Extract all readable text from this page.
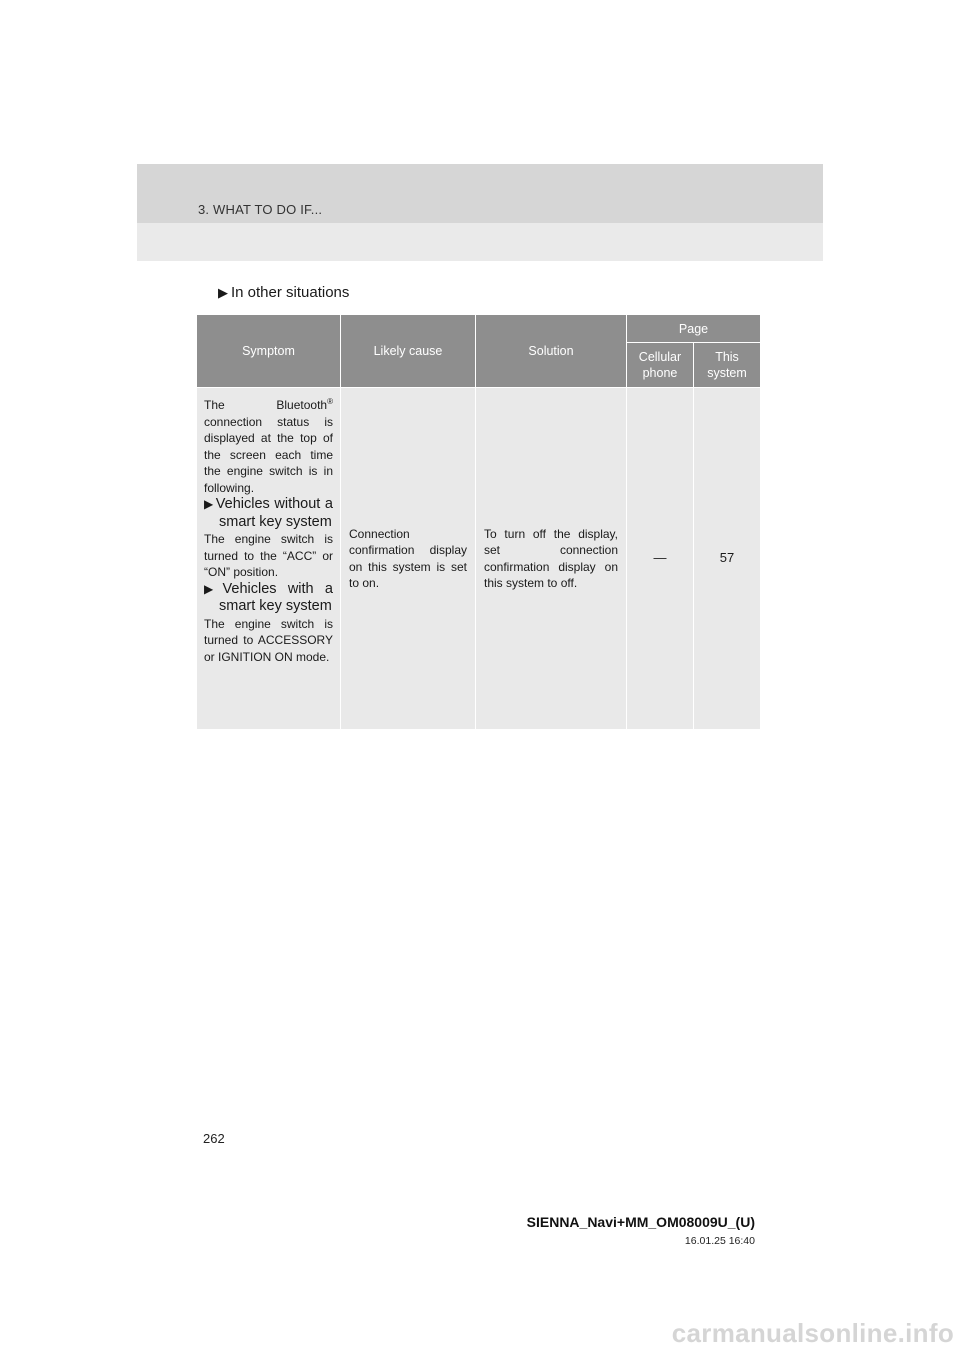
3. WHAT TO DO IF...
▶ In other situations
Symptom	Likely cause	Solution	Page	
			Cellular phone	This system

The Bluetooth® connection status is displayed at the top of the screen each time the engine switch is in following.

▶ Vehicles without a smart key system

The engine switch is turned to the “ACC” or “ON” position.

▶ Vehicles with a smart key system

The engine switch is turned to ACCESSORY or IGNITION ON mode.	Connection confirmation display on this system is set to on.	To turn off the display, set connection confirmation display on this system to off.	—	57
262
SIENNA_Navi+MM_OM08009U_(U)
16.01.25 16:40
carmanualsonline.info
